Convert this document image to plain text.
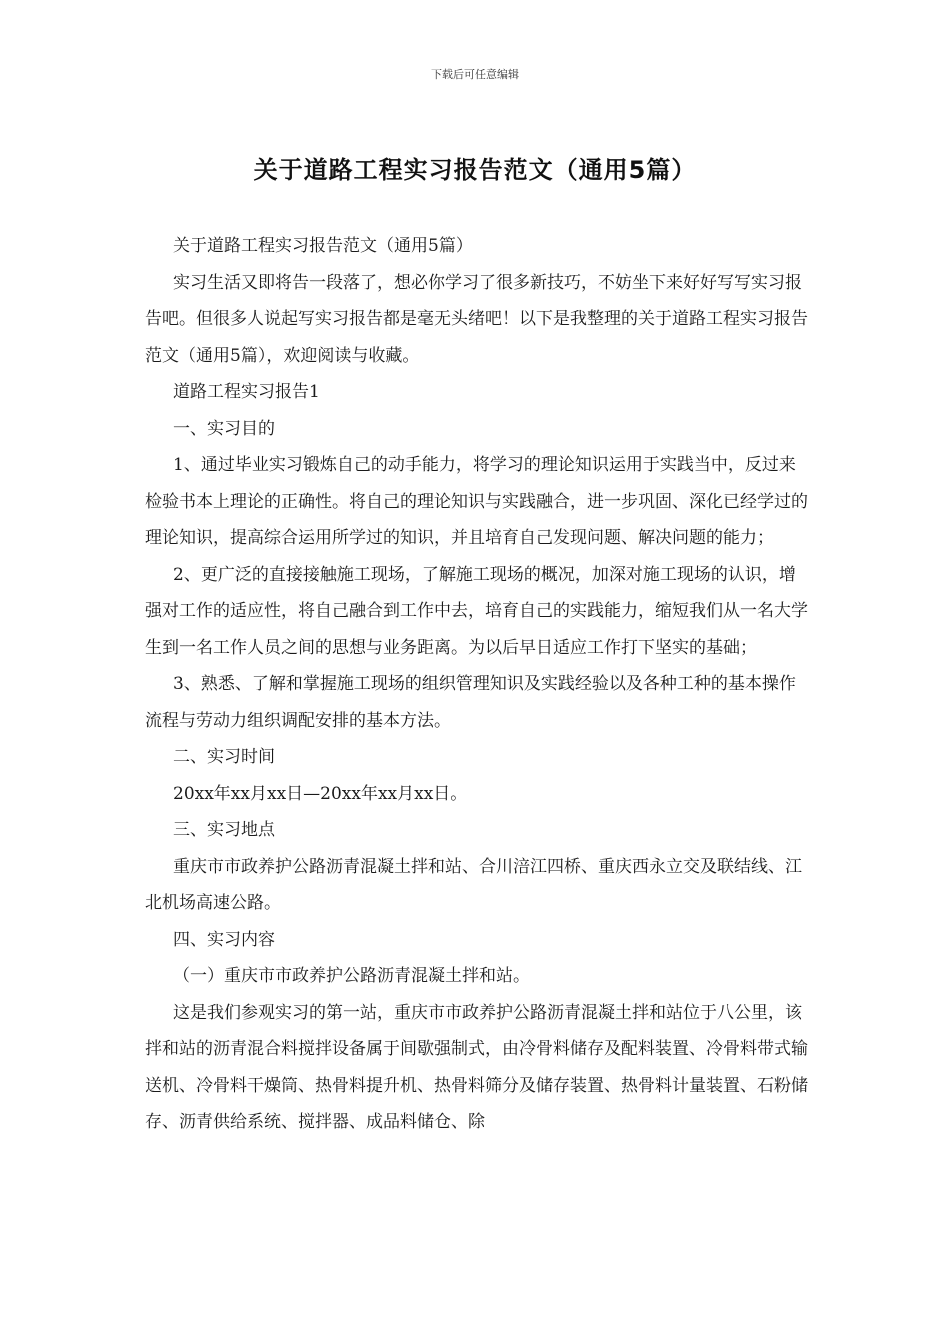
下载后可任意编辑
关于道路工程实习报告范文（通用5篇）

关于道路工程实习报告范文（通用5篇）

实习生活又即将告一段落了，想必你学习了很多新技巧，不妨坐下来好好写写实习报告吧。但很多人说起写实习报告都是毫无头绪吧！以下是我整理的关于道路工程实习报告范文（通用5篇），欢迎阅读与收藏。

道路工程实习报告1

一、实习目的

1、通过毕业实习锻炼自己的动手能力，将学习的理论知识运用于实践当中，反过来检验书本上理论的正确性。将自己的理论知识与实践融合，进一步巩固、深化已经学过的理论知识，提高综合运用所学过的知识，并且培育自己发现问题、解决问题的能力；

2、更广泛的直接接触施工现场，了解施工现场的概况，加深对施工现场的认识，增强对工作的适应性，将自己融合到工作中去，培育自己的实践能力，缩短我们从一名大学生到一名工作人员之间的思想与业务距离。为以后早日适应工作打下坚实的基础；

3、熟悉、了解和掌握施工现场的组织管理知识及实践经验以及各种工种的基本操作流程与劳动力组织调配安排的基本方法。

二、实习时间

20xx年xx月xx日—20xx年xx月xx日。

三、实习地点

重庆市市政养护公路沥青混凝土拌和站、合川涪江四桥、重庆西永立交及联结线、江北机场高速公路。

四、实习内容

（一）重庆市市政养护公路沥青混凝土拌和站。

这是我们参观实习的第一站，重庆市市政养护公路沥青混凝土拌和站位于八公里，该拌和站的沥青混合料搅拌设备属于间歇强制式，由冷骨料储存及配料装置、冷骨料带式输送机、冷骨料干燥筒、热骨料提升机、热骨料筛分及储存装置、热骨料计量装置、石粉储存、沥青供给系统、搅拌器、成品料储仓、除
